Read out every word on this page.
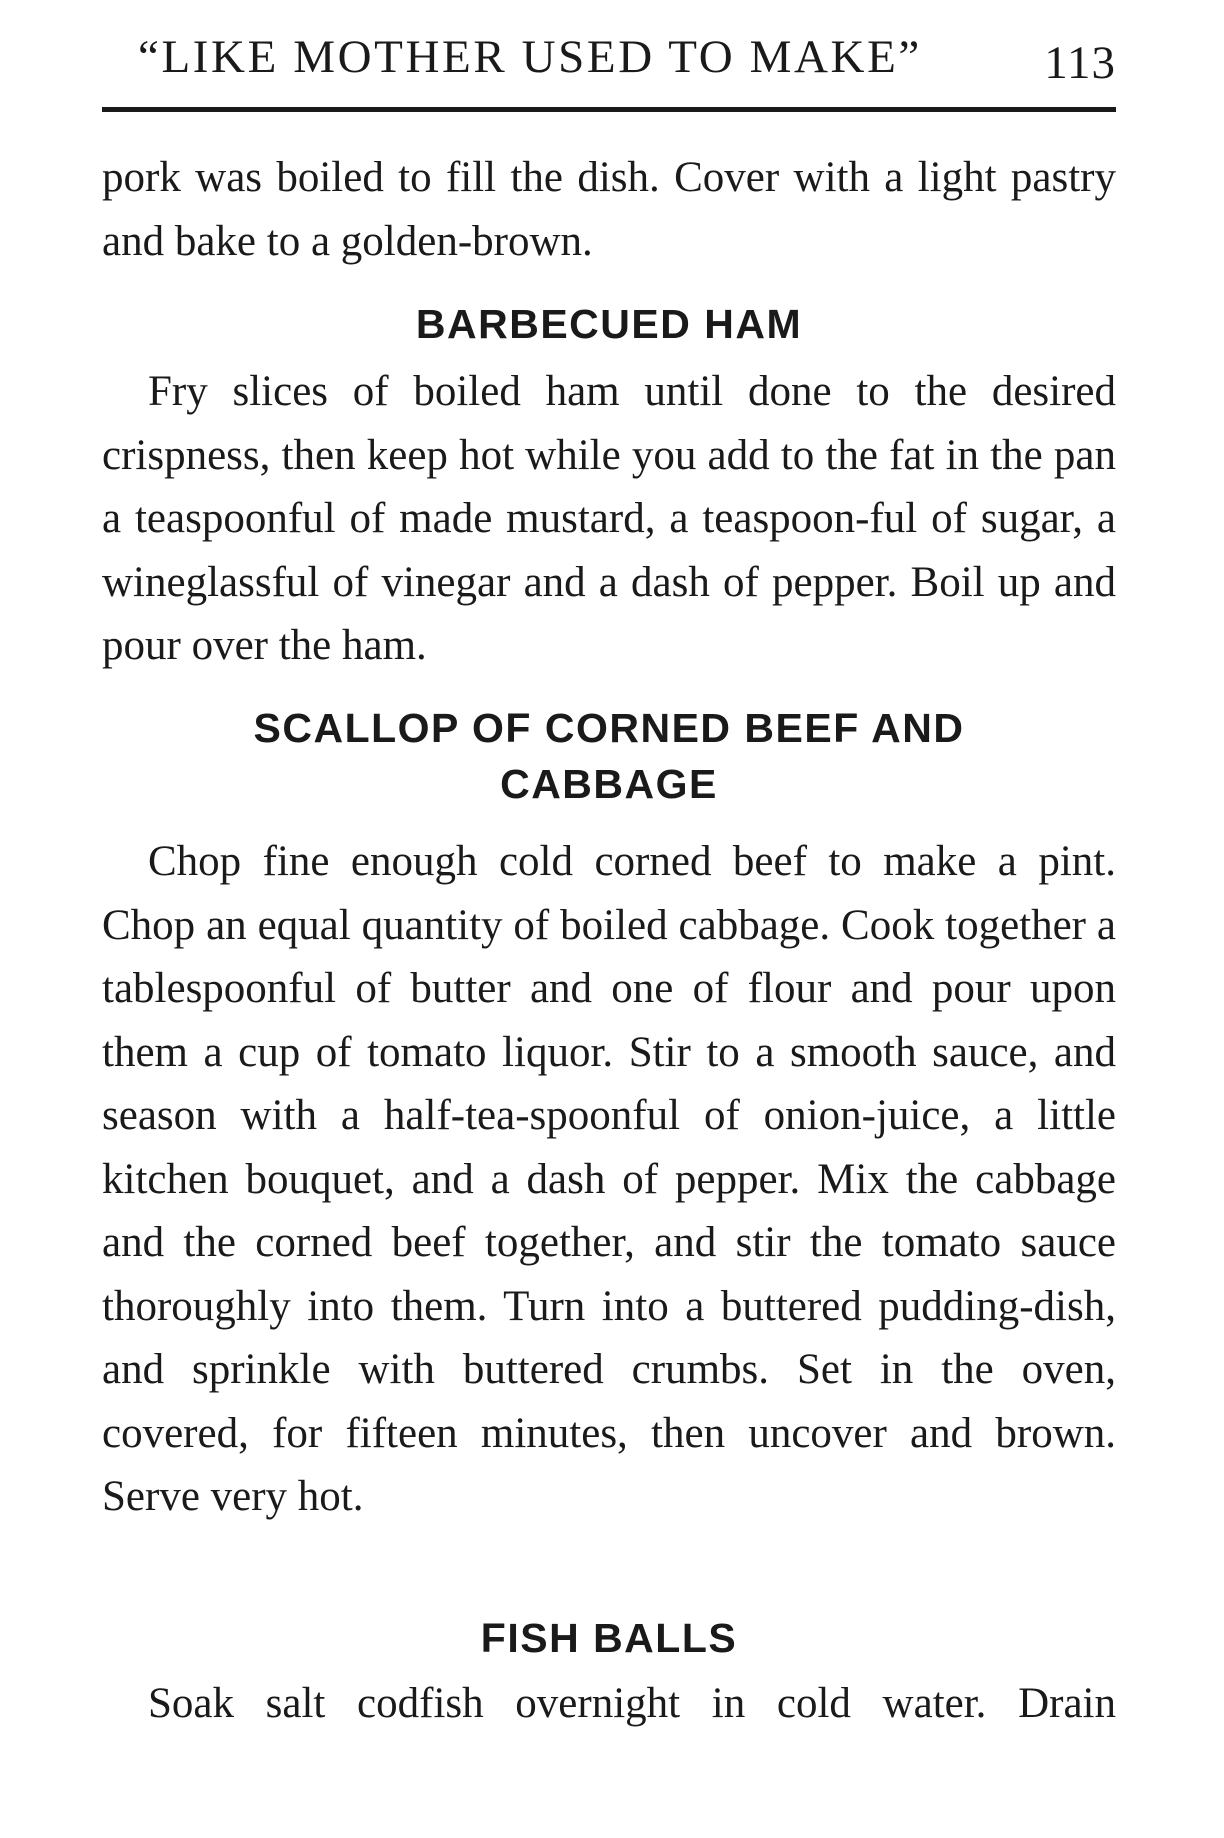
“LIKE MOTHER USED TO MAKE”	113

pork was boiled to fill the dish. Cover with a light pastry and bake to a golden-brown.

BARBECUED HAM

Fry slices of boiled ham until done to the desired crispness, then keep hot while you add to the fat in the pan a teaspoonful of made mustard, a teaspoon-ful of sugar, a wineglassful of vinegar and a dash of pepper. Boil up and pour over the ham.

SCALLOP OF CORNED BEEF AND CABBAGE

Chop fine enough cold corned beef to make a pint. Chop an equal quantity of boiled cabbage. Cook together a tablespoonful of butter and one of flour and pour upon them a cup of tomato liquor. Stir to a smooth sauce, and season with a half-tea-spoonful of onion-juice, a little kitchen bouquet, and a dash of pepper. Mix the cabbage and the corned beef together, and stir the tomato sauce thoroughly into them. Turn into a buttered pudding-dish, and sprinkle with buttered crumbs. Set in the oven, covered, for fifteen minutes, then uncover and brown. Serve very hot.

FISH BALLS

Soak salt codfish overnight in cold water. Drain
